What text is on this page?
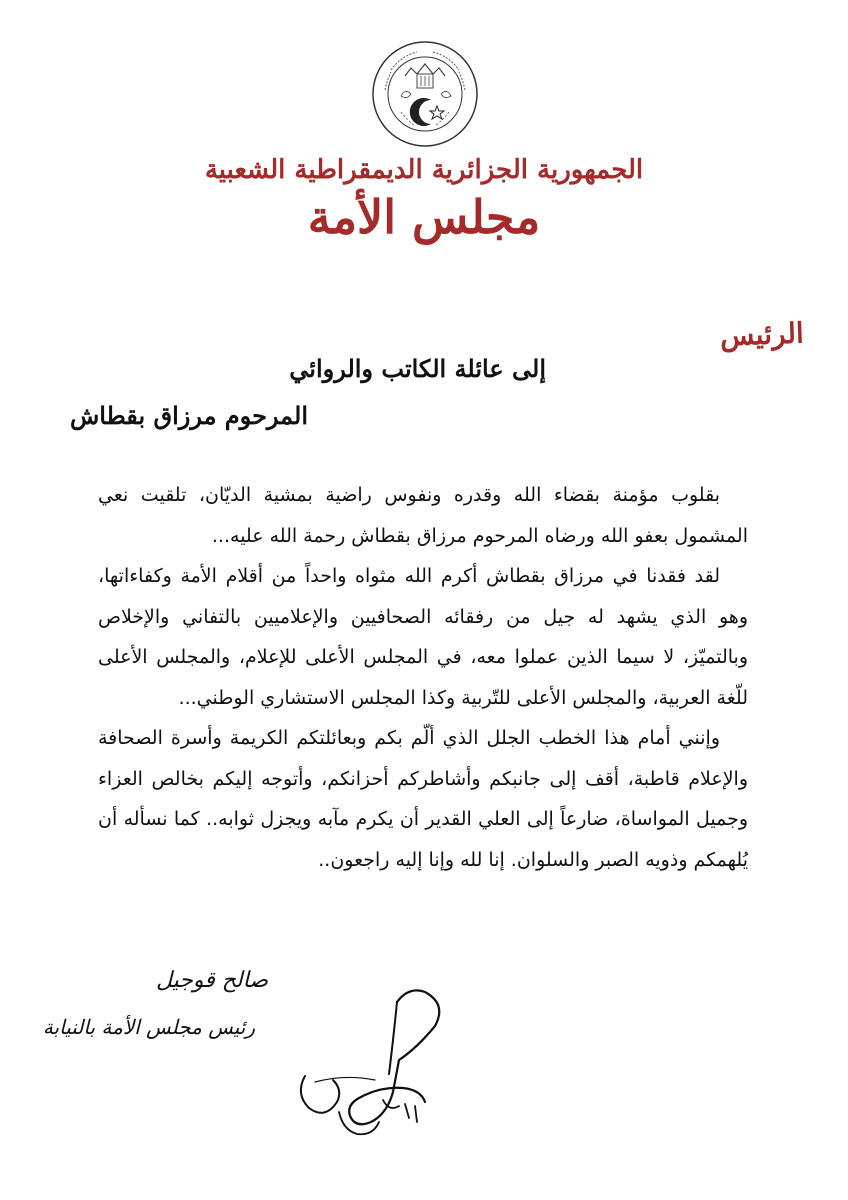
الجمهورية الجزائرية الديمقراطية الشعبية
مجلس الأمة
الرئيس
إلى عائلة الكاتب والروائي
المرحوم مرزاق بقطاش

بقلوب مؤمنة بقضاء الله وقدره ونفوس راضية بمشية الديّان، تلقيت نعي المشمول بعفو الله ورضاه المرحوم مرزاق بقطاش رحمة الله عليه...

لقد فقدنا في مرزاق بقطاش أكرم الله مثواه واحداً من أقلام الأمة وكفاءاتها، وهو الذي يشهد له جيل من رفقائه الصحافيين والإعلاميين بالتفاني والإخلاص وبالتميّز، لا سيما الذين عملوا معه، في المجلس الأعلى للإعلام، والمجلس الأعلى للّغة العربية، والمجلس الأعلى للتّربية وكذا المجلس الاستشاري الوطني...

وإنني أمام هذا الخطب الجلل الذي ألّم بكم وبعائلتكم الكريمة وأسرة الصحافة والإعلام قاطبة، أقف إلى جانبكم وأشاطركم أحزانكم، وأتوجه إليكم بخالص العزاء وجميل المواساة، ضارعاً إلى العلي القدير أن يكرم مآبه ويجزل ثوابه.. كما نسأله أن يُلهمكم وذويه الصبر والسلوان. إنا لله وإنا إليه راجعون..

صالح قوجيل
رئيس مجلس الأمة بالنيابة
